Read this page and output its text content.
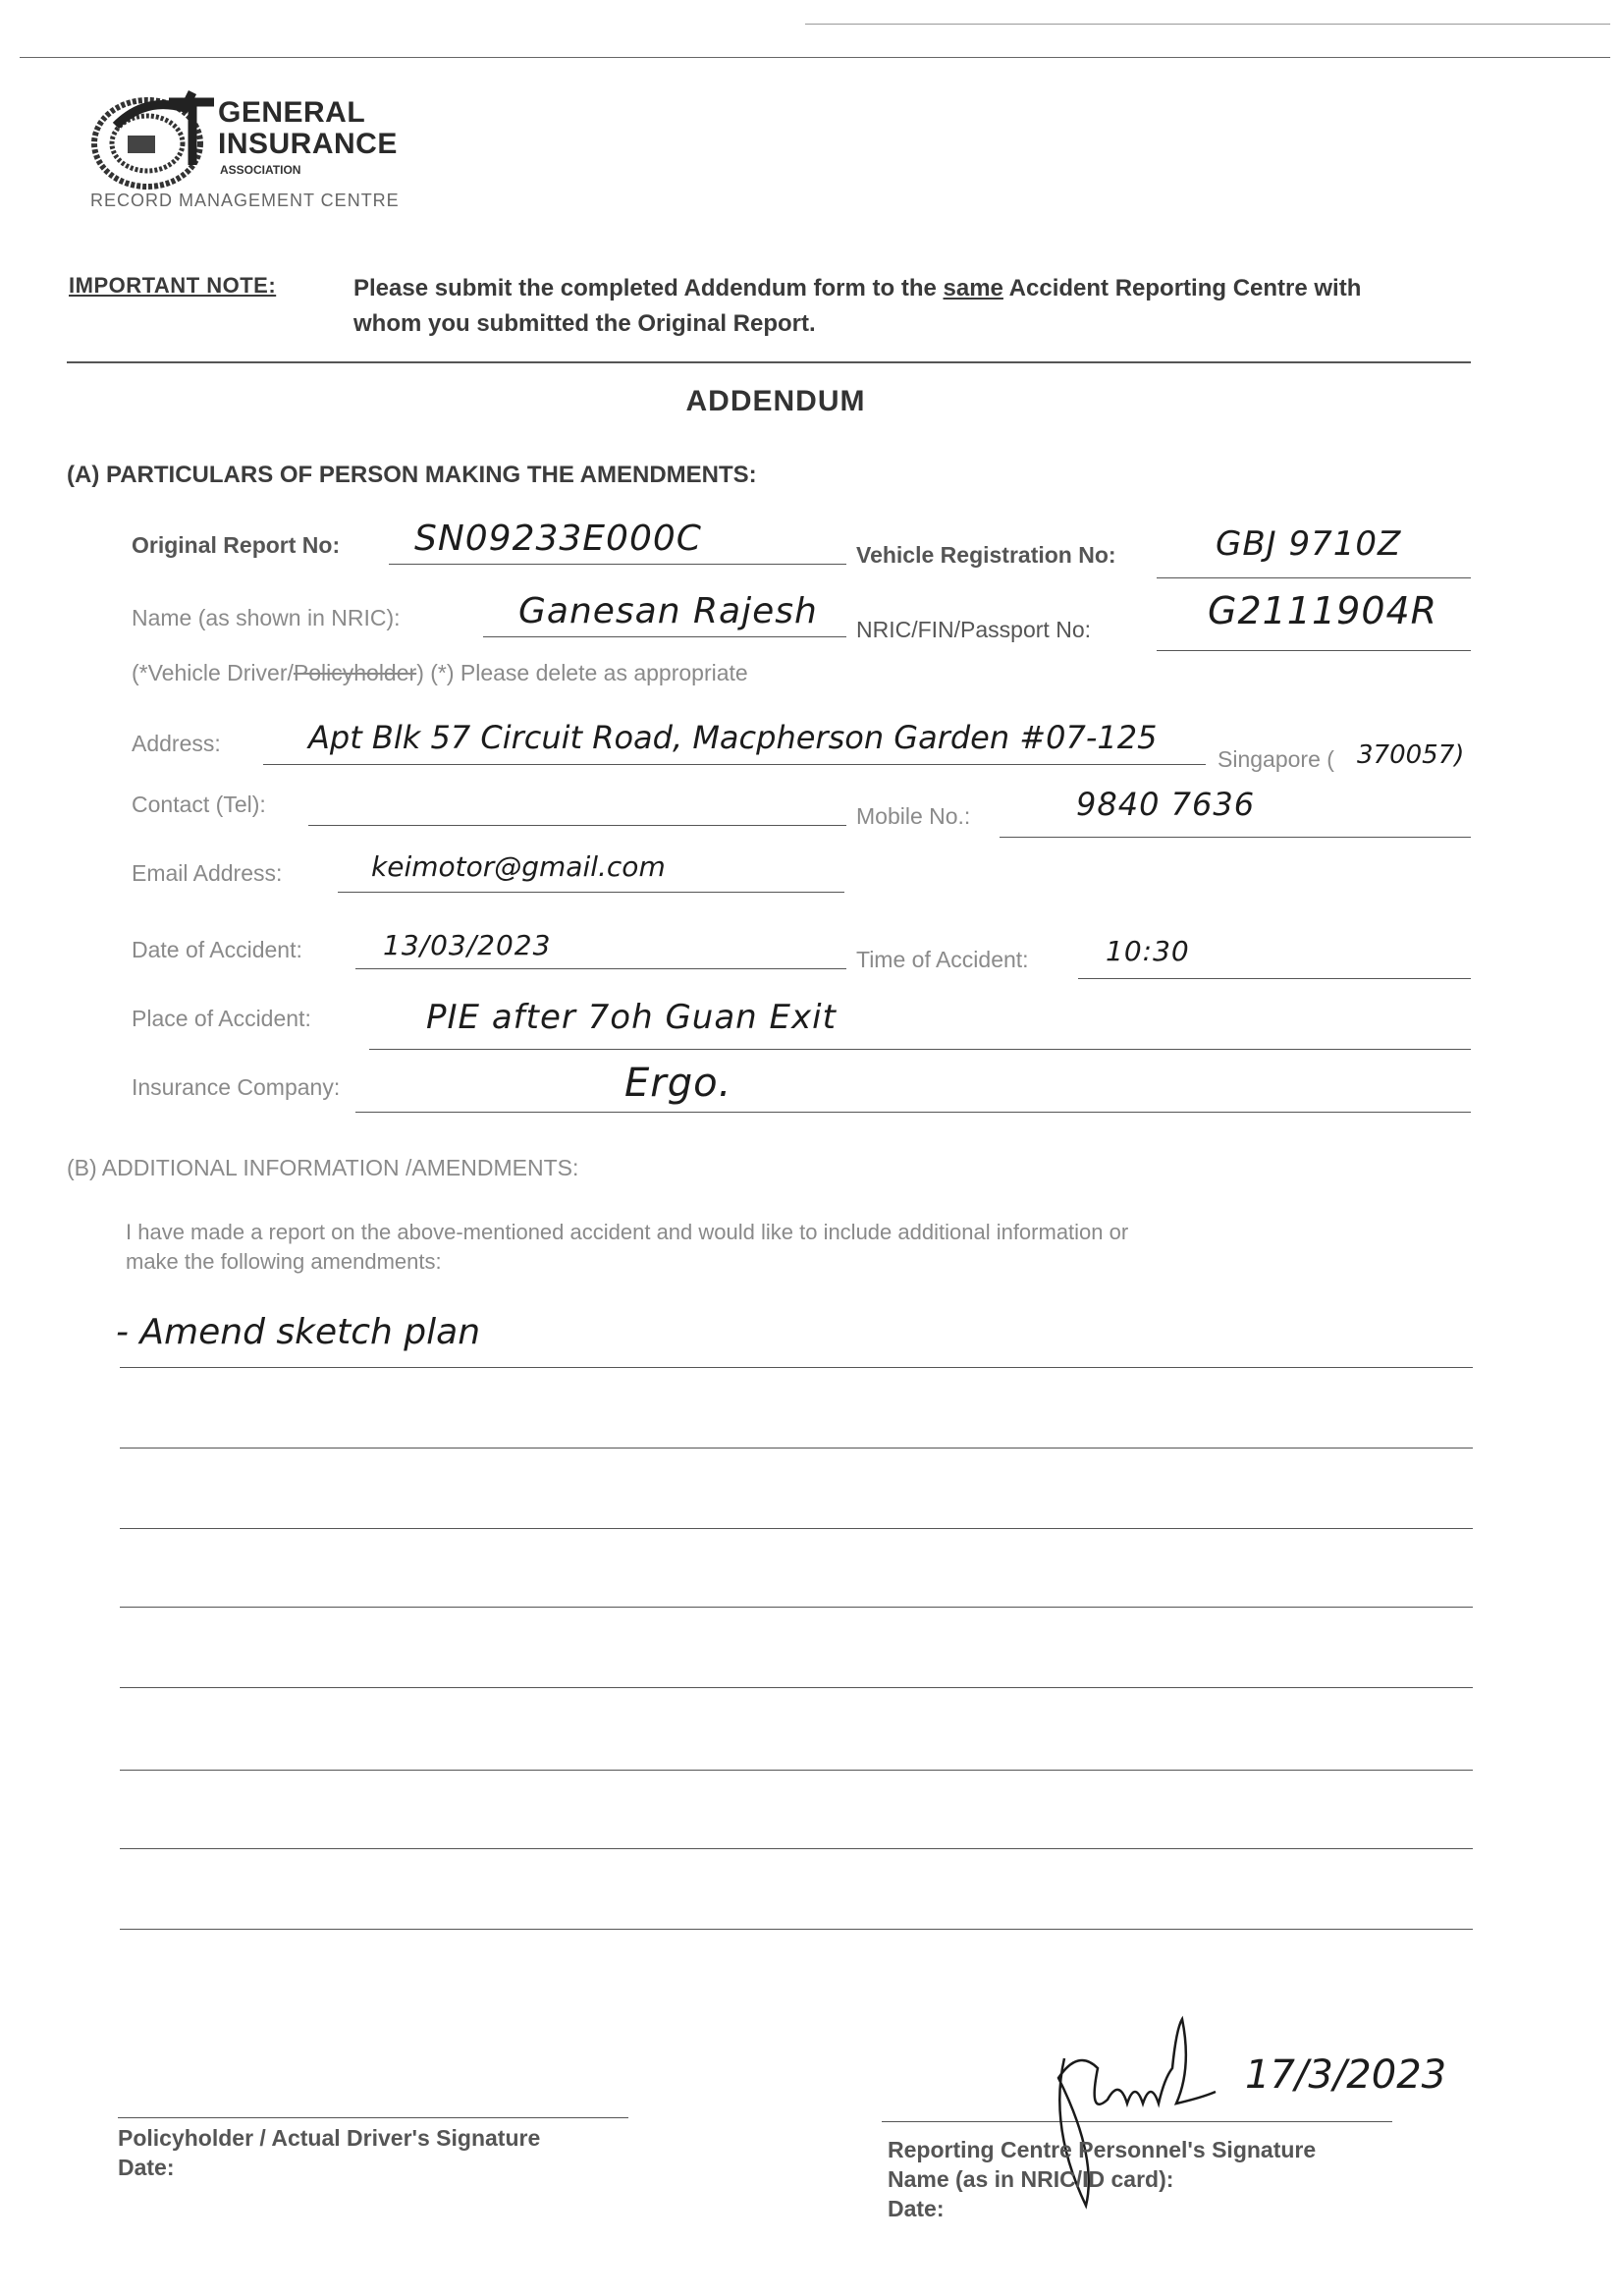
GENERAL
INSURANCE
ASSOCIATION
RECORD MANAGEMENT CENTRE
IMPORTANT NOTE:	Please submit the completed Addendum form to the same Accident Reporting Centre with
whom you submitted the Original Report.
ADDENDUM
(A) PARTICULARS OF PERSON MAKING THE AMENDMENTS:
Original Report No: SN09233E000C	Vehicle Registration No:	GBJ 9710Z
Name (as shown in NRIC):	Ganesan Rajesh NRIC/FIN/Passport No:	G2111904R
(*Vehicle Driver/Policyholder) (*) Please delete as appropriate
Address:	Apt Blk 57 Circuit Road, Macpherson Garden #07-125
Singapore ( 370057)
Contact (Tel):	Mobile No.:	9840 7636
Email Address:	keimotor@gmail.com
Date of Accident:	13/03/2023	Time of Accident:	10:30
Place of Accident:	PIE after 7oh Guan Exit
Insurance Company:	Ergo.
(B) ADDITIONAL INFORMATION /AMENDMENTS:
I have made a report on the above-mentioned accident and would like to include additional information or
make the following amendments:
- Amend sketch plan
Policyholder / Actual Driver's Signature
Date:
17/3/2023
Reporting Centre Personnel's Signature
Name (as in NRIC/ID card):
Date:
